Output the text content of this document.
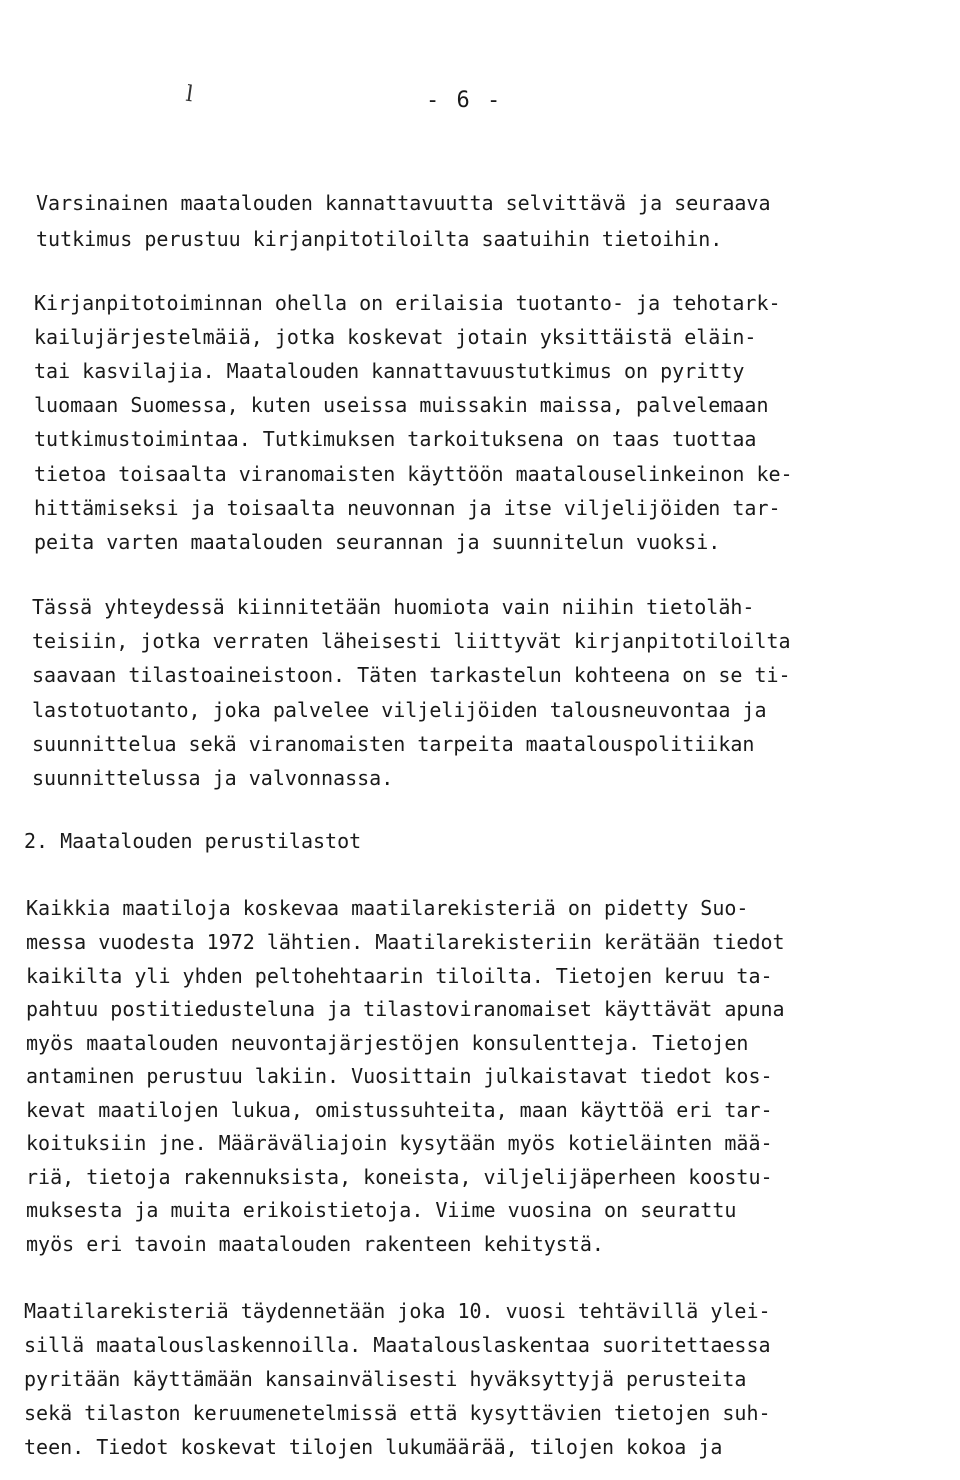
l	- 6 -
Varsinainen maatalouden kannattavuutta selvittävä ja seuraava
tutkimus perustuu kirjanpitotiloilta saatuihin tietoihin.
Kirjanpitotoiminnan ohella on erilaisia tuotanto- ja tehotark-
kailujärjestelmäiä, jotka koskevat jotain yksittäistä eläin-
tai kasvilajia. Maatalouden kannattavuustutkimus on pyritty
luomaan Suomessa, kuten useissa muissakin maissa, palvelemaan
tutkimustoimintaa. Tutkimuksen tarkoituksena on taas tuottaa
tietoa toisaalta viranomaisten käyttöön maatalouselinkeinon ke-
hittämiseksi ja toisaalta neuvonnan ja itse viljelijöiden tar-
peita varten maatalouden seurannan ja suunnitelun vuoksi.
Tässä yhteydessä kiinnitetään huomiota vain niihin tietoläh-
teisiin, jotka verraten läheisesti liittyvät kirjanpitotiloilta
saavaan tilastoaineistoon. Täten tarkastelun kohteena on se ti-
lastotuotanto, joka palvelee viljelijöiden talousneuvontaa ja
suunnittelua sekä viranomaisten tarpeita maatalouspolitiikan
suunnittelussa ja valvonnassa.
2. Maatalouden perustilastot
Kaikkia maatiloja koskevaa maatilarekisteriä on pidetty Suo-
messa vuodesta 1972 lähtien. Maatilarekisteriin kerätään tiedot
kaikilta yli yhden peltohehtaarin tiloilta. Tietojen keruu ta-
pahtuu postitiedusteluna ja tilastoviranomaiset käyttävät apuna
myös maatalouden neuvontajärjestöjen konsulentteja. Tietojen
antaminen perustuu lakiin. Vuosittain julkaistavat tiedot kos-
kevat maatilojen lukua, omistussuhteita, maan käyttöä eri tar-
koituksiin jne. Määräväliajoin kysytään myös kotieläinten mää-
riä, tietoja rakennuksista, koneista, viljelijäperheen koostu-
muksesta ja muita erikoistietoja. Viime vuosina on seurattu
myös eri tavoin maatalouden rakenteen kehitystä.
Maatilarekisteriä täydennetään joka 10. vuosi tehtävillä ylei-
sillä maatalouslaskennoilla. Maatalouslaskentaa suoritettaessa
pyritään käyttämään kansainvälisesti hyväksyttyjä perusteita
sekä tilaston keruumenetelmissä että kysyttävien tietojen suh-
teen. Tiedot koskevat tilojen lukumäärää, tilojen kokoa ja
